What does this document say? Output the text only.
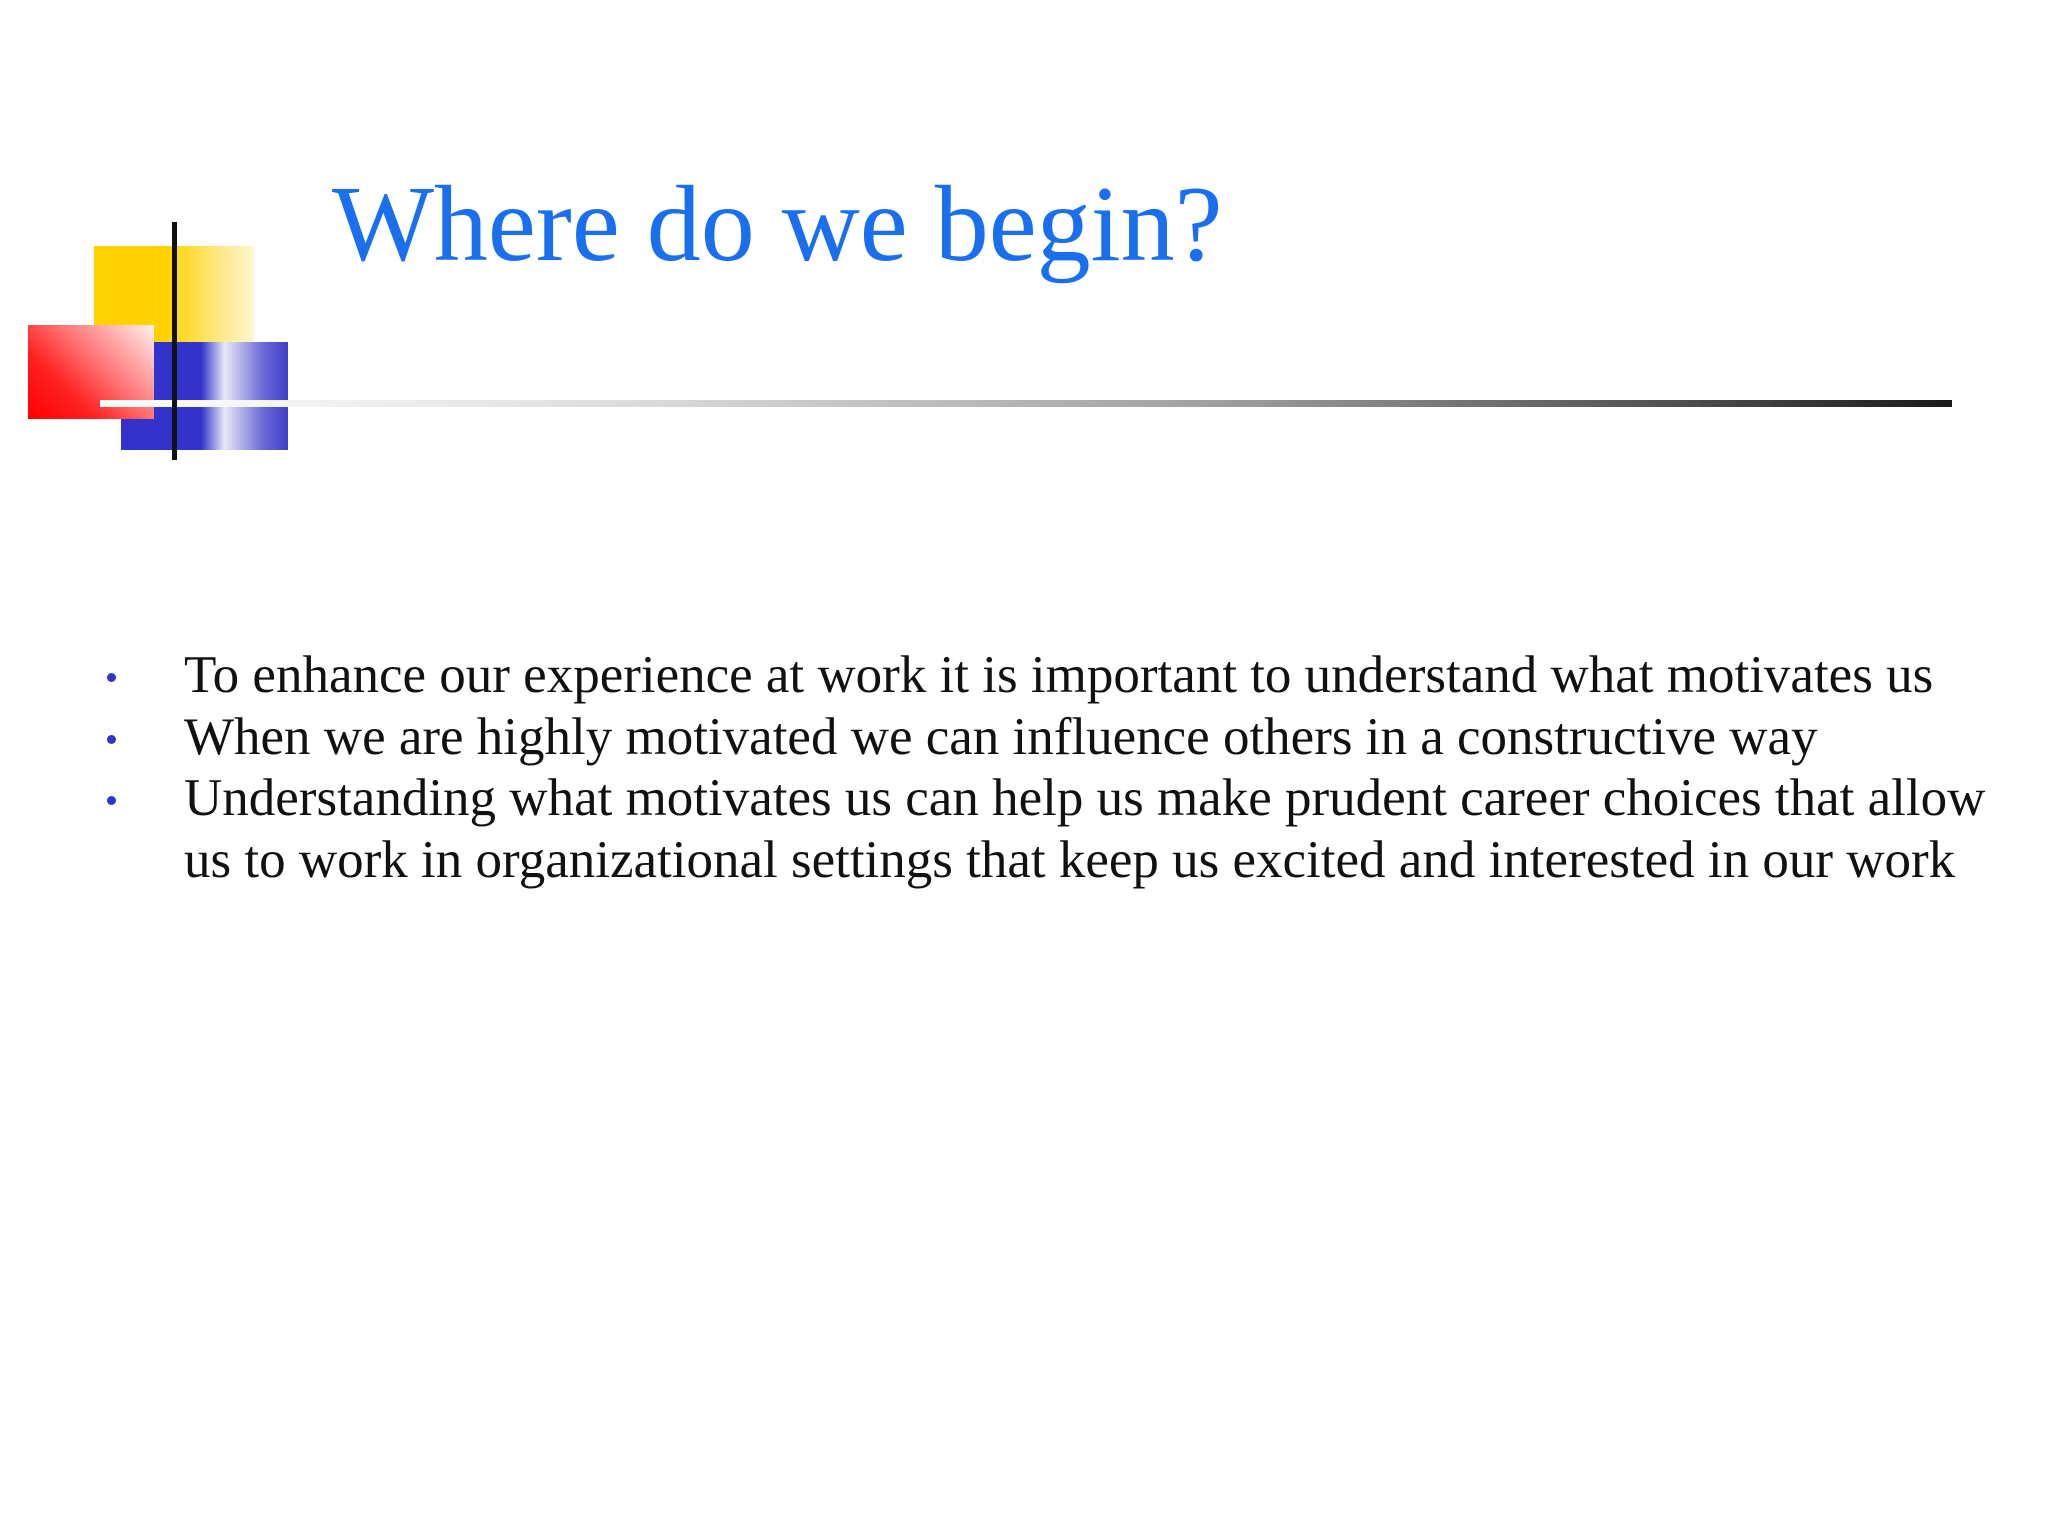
Where do we begin?
To enhance our experience at work it is important to understand what motivates us
When we are highly motivated we can influence others in a constructive way
Understanding what motivates us can help us make prudent career choices that allow us to work in organizational settings that keep us excited and interested in our work
